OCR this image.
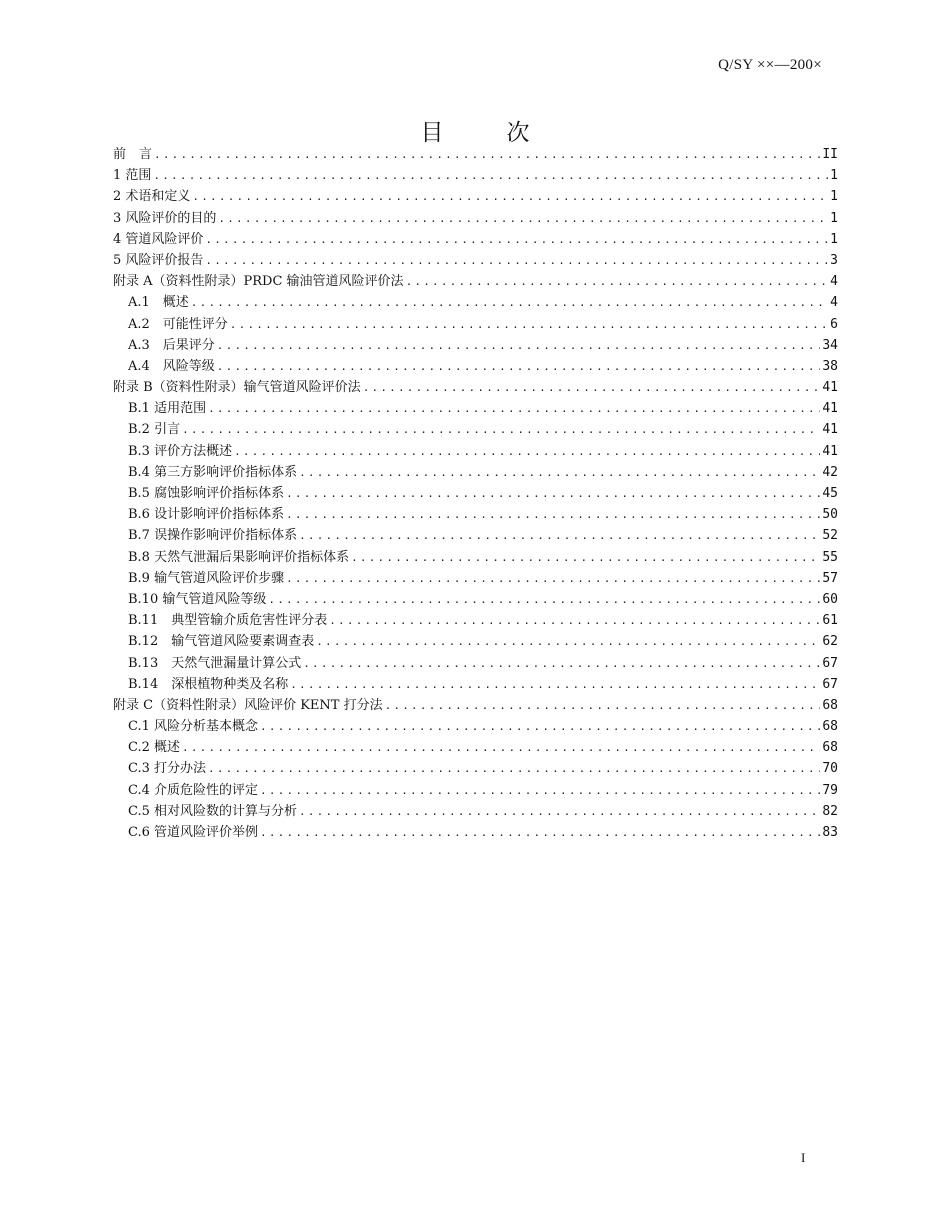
Q/SY ××—200×
目　次
前　言 .....	II
1 范围 .....	1
2 术语和定义 .....	1
3 风险评价的目的 .....	1
4 管道风险评价 .....	1
5 风险评价报告 .....	3
附录 A（资料性附录）PRDC 输油管道风险评价法 .....	4
A.1　概述 .....	4
A.2　可能性评分 .....	6
A.3　后果评分 .....	34
A.4　风险等级 .....	38
附录 B（资料性附录）输气管道风险评价法 .....	41
B.1 适用范围 .....	41
B.2 引言 .....	41
B.3 评价方法概述 .....	41
B.4 第三方影响评价指标体系 .....	42
B.5 腐蚀影响评价指标体系 .....	45
B.6 设计影响评价指标体系 .....	50
B.7 误操作影响评价指标体系 .....	52
B.8 天然气泄漏后果影响评价指标体系 .....	55
B.9 输气管道风险评价步骤 .....	57
B.10 输气管道风险等级 .....	60
B.11　典型管输介质危害性评分表 .....	61
B.12　输气管道风险要素调查表 .....	62
B.13　天然气泄漏量计算公式 .....	67
B.14　深根植物种类及名称 .....	67
附录 C（资料性附录）风险评价 KENT 打分法 .....	68
C.1 风险分析基本概念 .....	68
C.2 概述 .....	68
C.3 打分办法 .....	70
C.4 介质危险性的评定 .....	79
C.5 相对风险数的计算与分析 .....	82
C.6 管道风险评价举例 .....	83
I
